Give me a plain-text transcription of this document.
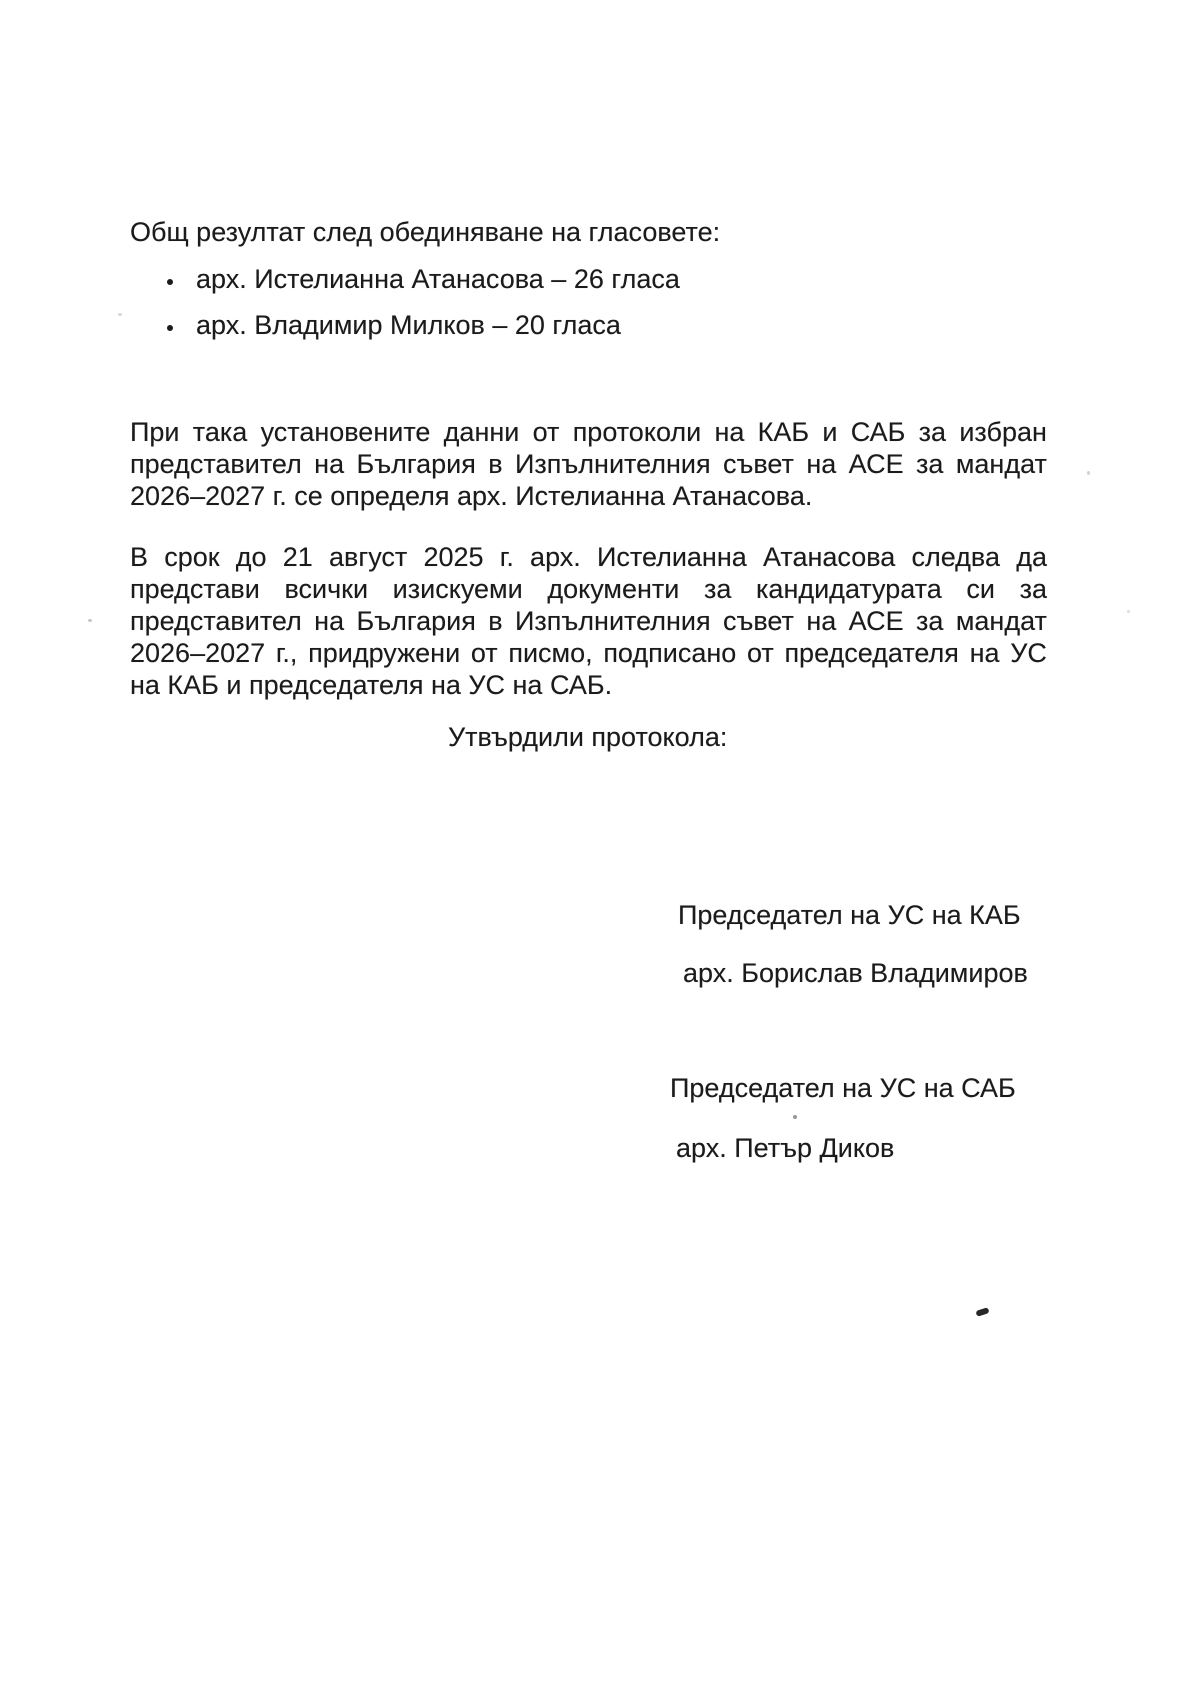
Общ резултат след обединяване на гласовете:
арх. Истелианна Атанасова – 26 гласа
арх. Владимир Милков – 20 гласа
При така установените данни от протоколи на КАБ и САБ за избран
представител на България в Изпълнителния съвет на АСЕ за мандат
2026–2027 г. се определя арх. Истелианна Атанасова.
В срок до 21 август 2025 г. арх. Истелианна Атанасова следва да
представи всички изискуеми документи за кандидатурата си за
представител на България в Изпълнителния съвет на АСЕ за мандат
2026–2027 г., придружени от писмо, подписано от председателя на УС
на КАБ и председателя на УС на САБ.
Утвърдили протокола:
Председател на УС на КАБ
арх. Борислав Владимиров
Председател на УС на САБ
арх. Петър Диков
